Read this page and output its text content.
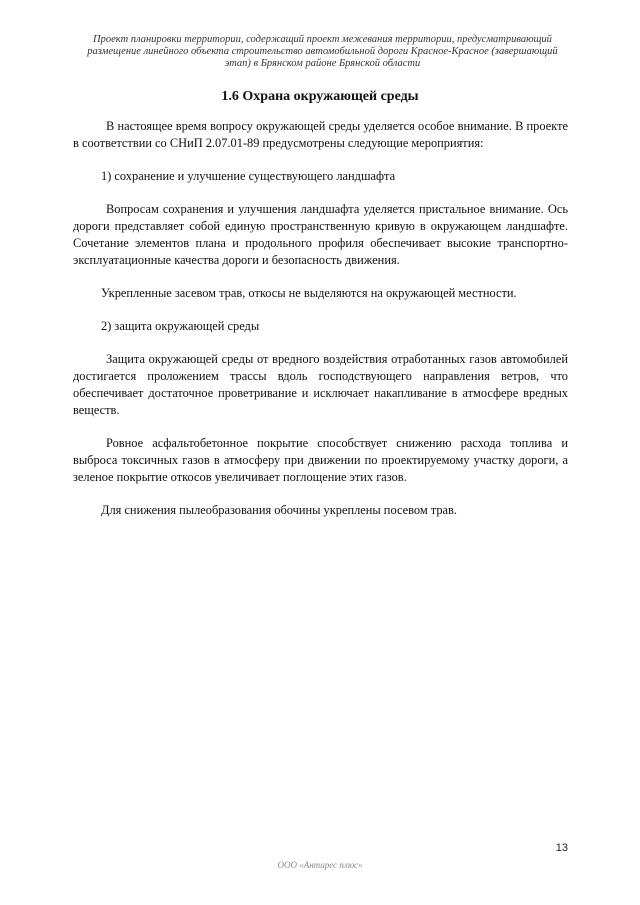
Проект планировки территории, содержащий проект межевания территории, предусматривающий
размещение линейного объекта строительство автомобильной дороги Красное-Красное (завершающий
этап) в Брянском районе Брянской области
1.6 Охрана окружающей среды

В настоящее время вопросу окружающей среды уделяется особое внимание. В проекте в соответствии со СНиП 2.07.01-89 предусмотрены следующие мероприятия:

1) сохранение и улучшение существующего ландшафта

Вопросам сохранения и улучшения ландшафта уделяется пристальное внимание. Ось дороги представляет собой единую пространственную кривую в окружающем ландшафте. Сочетание элементов плана и продольного профиля обеспечивает высокие транспортно-эксплуатационные качества дороги и безопасность движения.

Укрепленные засевом трав, откосы не выделяются на окружающей местности.

2) защита окружающей среды

Защита окружающей среды от вредного воздействия отработанных газов автомобилей достигается проложением трассы вдоль господствующего направления ветров, что обеспечивает достаточное проветривание и исключает накапливание в атмосфере вредных веществ.

Ровное асфальтобетонное покрытие способствует снижению расхода топлива и выброса токсичных газов в атмосферу при движении по проектируемому участку дороги, а зеленое покрытие откосов увеличивает поглощение этих газов.

Для снижения пылеобразования обочины укреплены посевом трав.

13
ООО «Антарес плюс»
